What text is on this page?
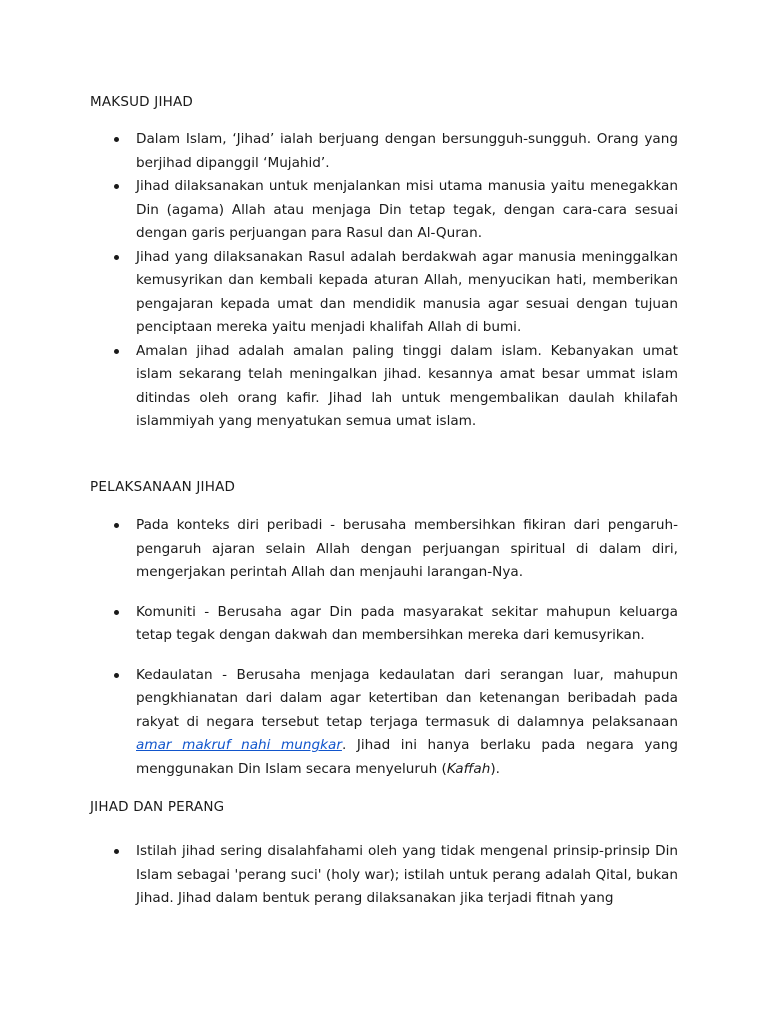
MAKSUD JIHAD
Dalam Islam, ‘Jihad’ ialah berjuang dengan bersungguh-sungguh. Orang yang berjihad dipanggil ‘Mujahid’.
Jihad dilaksanakan untuk menjalankan misi utama manusia yaitu menegakkan Din (agama) Allah atau menjaga Din tetap tegak, dengan cara-cara sesuai dengan garis perjuangan para Rasul dan Al-Quran.
Jihad yang dilaksanakan Rasul adalah berdakwah agar manusia meninggalkan kemusyrikan dan kembali kepada aturan Allah, menyucikan hati, memberikan pengajaran kepada umat dan mendidik manusia agar sesuai dengan tujuan penciptaan mereka yaitu menjadi khalifah Allah di bumi.
Amalan jihad adalah amalan paling tinggi dalam islam. Kebanyakan umat islam sekarang telah meningalkan jihad. kesannya amat besar ummat islam ditindas oleh orang kafir. Jihad lah untuk mengembalikan daulah khilafah islammiyah yang menyatukan semua umat islam.
PELAKSANAAN JIHAD
Pada konteks diri peribadi - berusaha membersihkan fikiran dari pengaruh-pengaruh ajaran selain Allah dengan perjuangan spiritual di dalam diri, mengerjakan perintah Allah dan menjauhi larangan-Nya.
Komuniti - Berusaha agar Din pada masyarakat sekitar mahupun keluarga tetap tegak dengan dakwah dan membersihkan mereka dari kemusyrikan.
Kedaulatan - Berusaha menjaga kedaulatan dari serangan luar, mahupun pengkhianatan dari dalam agar ketertiban dan ketenangan beribadah pada rakyat di negara tersebut tetap terjaga termasuk di dalamnya pelaksanaan amar makruf nahi mungkar. Jihad ini hanya berlaku pada negara yang menggunakan Din Islam secara menyeluruh (Kaffah).
JIHAD DAN PERANG
Istilah jihad sering disalahfahami oleh yang tidak mengenal prinsip-prinsip Din Islam sebagai 'perang suci' (holy war); istilah untuk perang adalah Qital, bukan Jihad. Jihad dalam bentuk perang dilaksanakan jika terjadi fitnah yang
